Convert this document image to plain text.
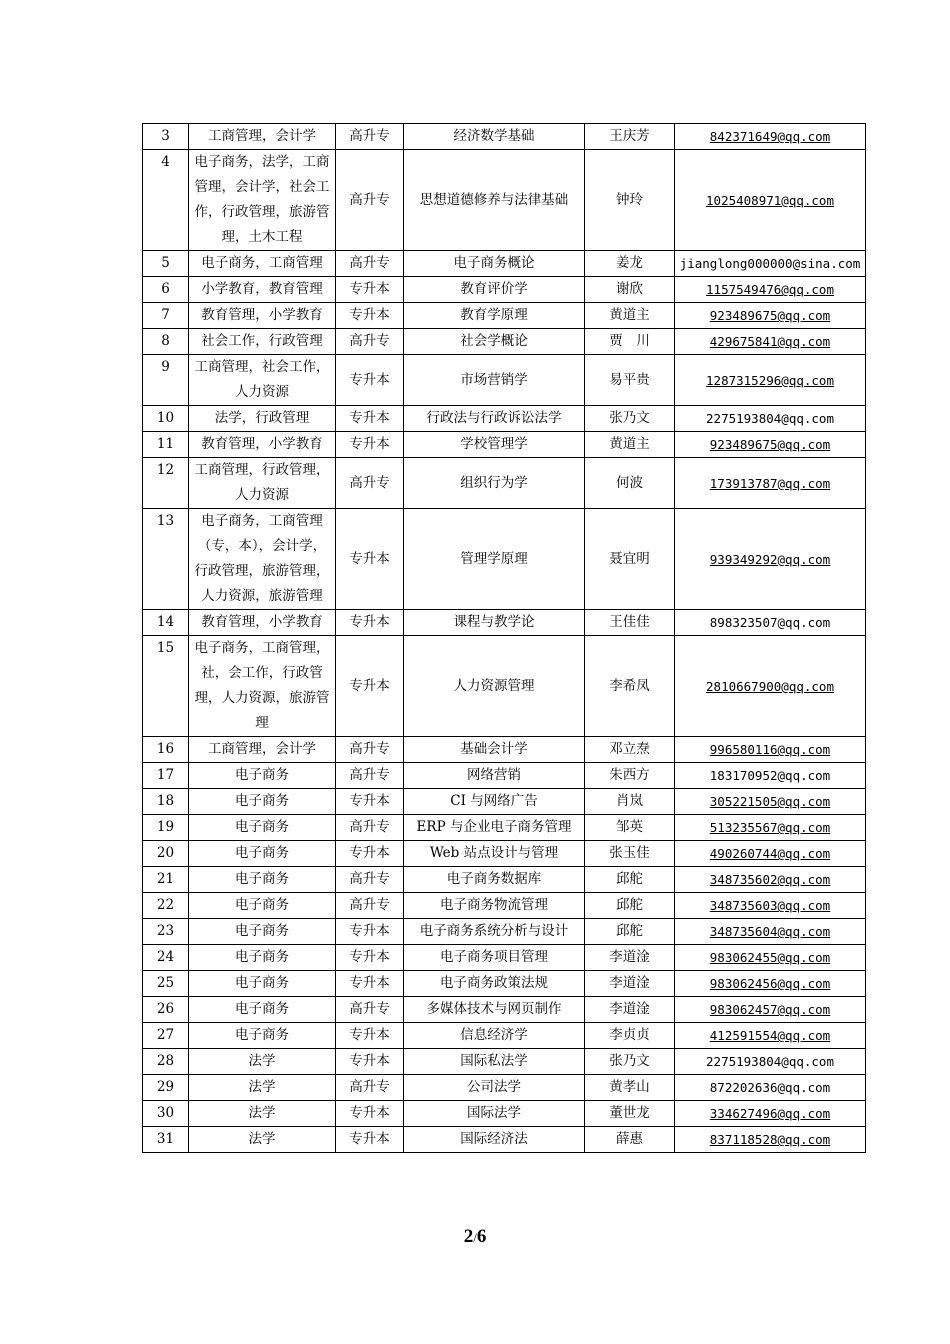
3	工商管理，会计学	高升专	经济数学基础	王庆芳	842371649@qq.com
4	电子商务，法学，工商管理，会计学，社会工作，行政管理，旅游管理，土木工程	高升专	思想道德修养与法律基础	钟玲	1025408971@qq.com
5	电子商务，工商管理	高升专	电子商务概论	姜龙	jianglong000000@sina.com
6	小学教育，教育管理	专升本	教育评价学	谢欣	1157549476@qq.com
7	教育管理，小学教育	专升本	教育学原理	黄道主	923489675@qq.com
8	社会工作，行政管理	高升专	社会学概论	贾　川	429675841@qq.com
9	工商管理，社会工作，人力资源	专升本	市场营销学	易平贵	1287315296@qq.com
10	法学，行政管理	专升本	行政法与行政诉讼法学	张乃文	2275193804@qq.com
11	教育管理，小学教育	专升本	学校管理学	黄道主	923489675@qq.com
12	工商管理，行政管理，人力资源	高升专	组织行为学	何波	173913787@qq.com
13	电子商务，工商管理（专，本），会计学，行政管理，旅游管理，人力资源，旅游管理	专升本	管理学原理	聂宜明	939349292@qq.com
14	教育管理，小学教育	专升本	课程与教学论	王佳佳	898323507@qq.com
15	电子商务，工商管理，社，会工作，行政管理，人力资源，旅游管理	专升本	人力资源管理	李希凤	2810667900@qq.com
16	工商管理，会计学	高升专	基础会计学	邓立焘	996580116@qq.com
17	电子商务	高升专	网络营销	朱西方	183170952@qq.com
18	电子商务	专升本	CI 与网络广告	肖岚	305221505@qq.com
19	电子商务	高升专	ERP 与企业电子商务管理	邹英	513235567@qq.com
20	电子商务	专升本	Web 站点设计与管理	张玉佳	490260744@qq.com
21	电子商务	高升专	电子商务数据库	邱舵	348735602@qq.com
22	电子商务	高升专	电子商务物流管理	邱舵	348735603@qq.com
23	电子商务	专升本	电子商务系统分析与设计	邱舵	348735604@qq.com
24	电子商务	专升本	电子商务项目管理	李道淦	983062455@qq.com
25	电子商务	专升本	电子商务政策法规	李道淦	983062456@qq.com
26	电子商务	高升专	多媒体技术与网页制作	李道淦	983062457@qq.com
27	电子商务	专升本	信息经济学	李贞贞	412591554@qq.com
28	法学	专升本	国际私法学	张乃文	2275193804@qq.com
29	法学	高升专	公司法学	黄孝山	872202636@qq.com
30	法学	专升本	国际法学	董世龙	334627496@qq.com
31	法学	专升本	国际经济法	薛惠	837118528@qq.com
2/6
